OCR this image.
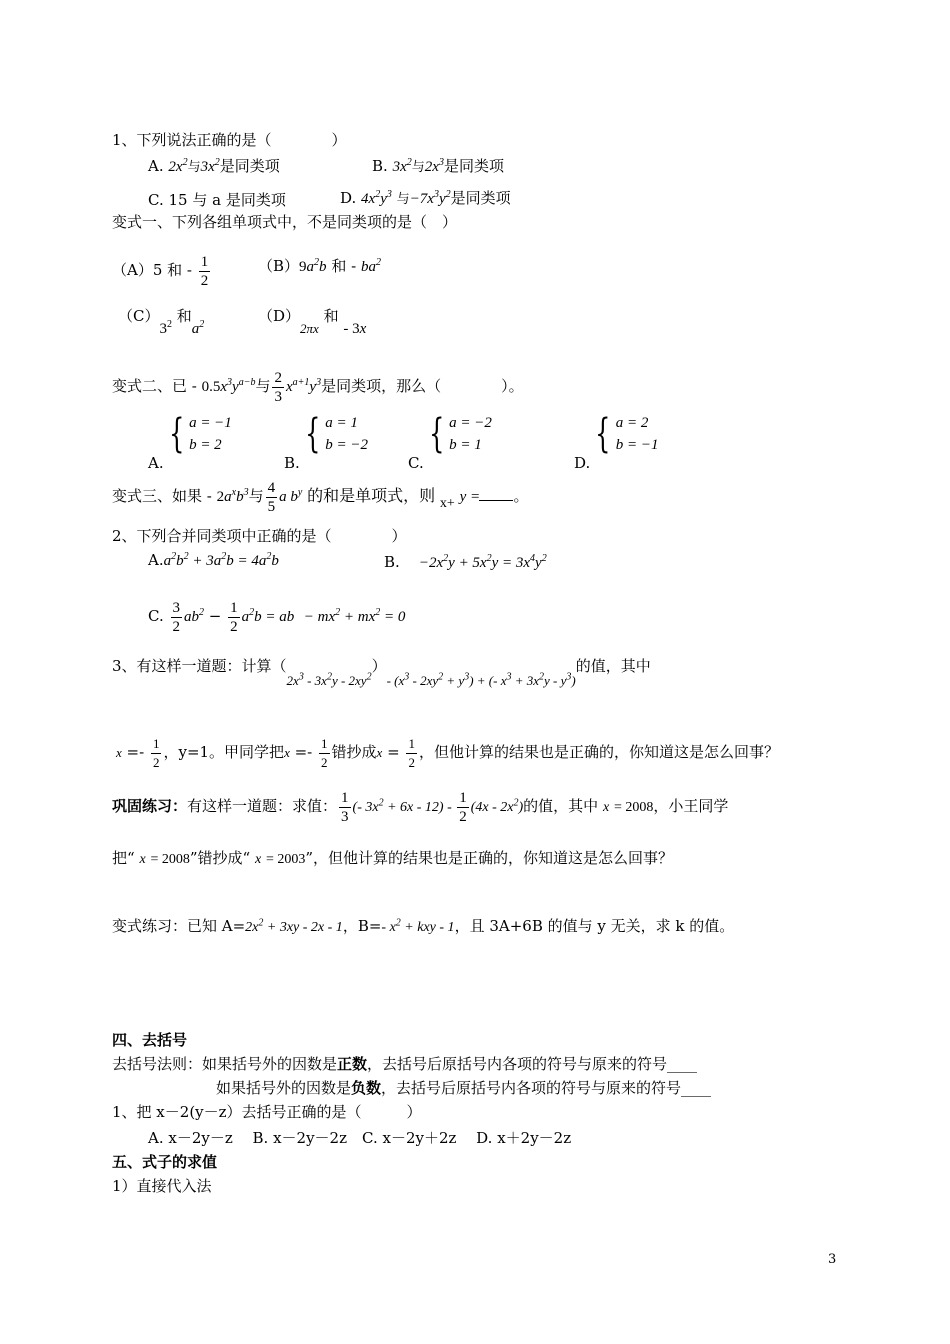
1、下列说法正确的是（　　　　）
A. $2x^2$与$3x^2$是同类项	B. $3x^2$与$2x^3$是同类项
C. 15 与 a 是同类项	D. $4x^2y^3$ 与$-7x^3y^2$是同类项
变式一、下列各组单项式中，不是同类项的是（　）
（A）5 和 - $\frac{1}{2}$	$(B)9a^2b$ 和 - $ba^2$
$(C)3^2$ 和$a^2$	（D）2πx 和 - 3x
变式二、已 - $0.5x^3y^{a-b}$与 $\frac{2}{3} x^{a+1}y^3$是同类项，那么（　　　　）。
A.{ a = −1
b = 2
B.{ a = 1
b = −2
C.{ a = −2
b = 1
D.{ a = 2
b = −1
变式三、如果 - $2a^xb^3$与 $\frac{4}{5}$ a $b^y$ 的和是单项式，则 x+ y = 。
2、下列合并同类项中正确的是（　　　　）
$A.a^2b^2 + 3a^2b = 4a^2b$	B. $-2x^2y + 5x^2y = 3x^4y^2$
C. $\frac{3}{2} ab^2 - \frac{1}{2} a^2b$ = ab − $mx^2 + mx^2 = 0$
3、有这样一道题：计算$(2x^3 - 3x^2y - 2xy^2)-$ $(x^3 - 2xy^2 + y^3)$ + (- $x^3 + 3x^2y - y^3$)的值，其中
$x =- \frac{1}{2}$ ，y=1。甲同学把$x =- \frac{1}{2}$ 错抄成$x = \frac{1}{2}$ ，但他计算的结果也是正确的，你知道这是怎么回事？
巩固练习：有这样一道题：求值： $\frac{1}{3}$ (- $3x^2 + 6x - 12) - \frac{1}{2} (4x - 2x^2)$的值，其中 x = 2008，小王同学
把“ x = 2008”错抄成“ x = 2003”，但他计算的结果也是正确的，你知道这是怎么回事？
变式练习：已知 $A=2x^2 + 3xy - 2x - 1$，B=- $x^2$ + kxy - 1，且 3A+6B 的值与 y 无关，求 k 的值。
四、去括号
去括号法则：如果括号外的因数是正数，去括号后原括号内各项的符号与原来的符号____
如果括号外的因数是负数，去括号后原括号内各项的符号与原来的符号____
1、把 x－2(y－z）去括号正确的是（　　　）
A. x－2y－z　 B. x－2y－2z　C. x－2y＋2z　 D. x＋2y－2z
五、式子的求值
1）直接代入法
3
